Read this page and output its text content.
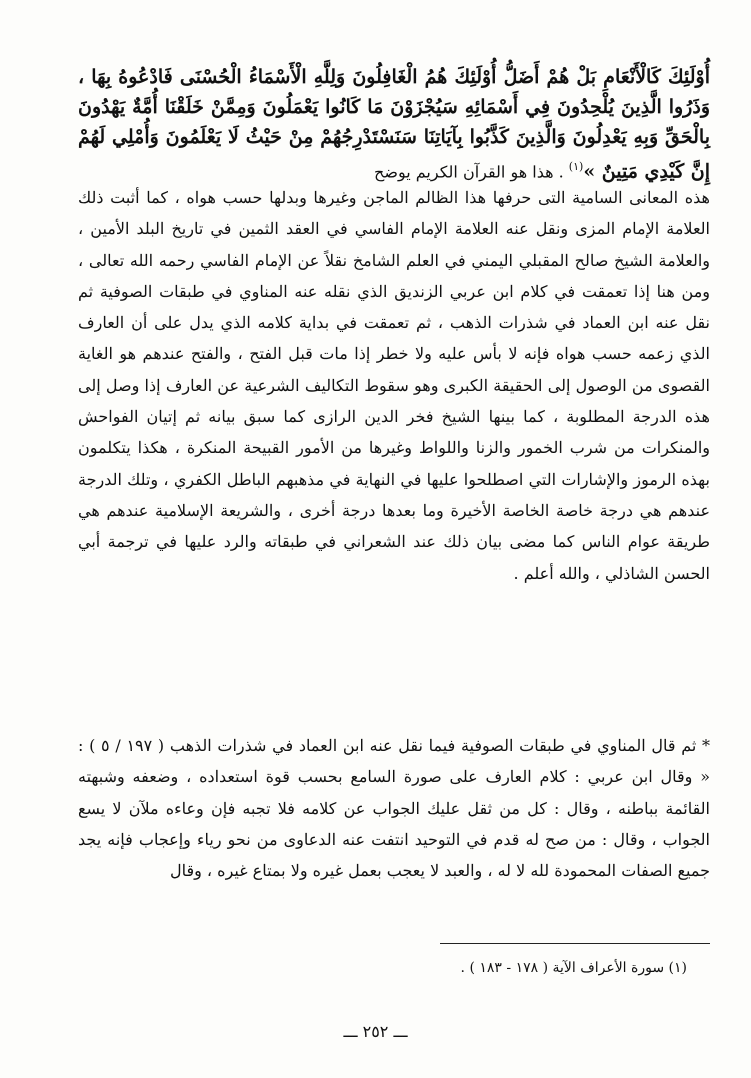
أُوْلَئِكَ كَالْأَنْعَامِ بَلْ هُمْ أَضَلُّ أُوْلَئِكَ هُمُ الْغَافِلُونَ وَلِلَّهِ الْأَسْمَاءُ الْحُسْنَى فَادْعُوهُ بِهَا ، وَذَرُوا الَّذِينَ يُلْحِدُونَ فِي أَسْمَائِهِ سَيُجْزَوْنَ مَا كَانُوا يَعْمَلُونَ وَمِمَّنْ خَلَقْنَا أُمَّةٌ يَهْدُونَ بِالْحَقِّ وَبِهِ يَعْدِلُونَ وَالَّذِينَ كَذَّبُوا بِآيَاتِنَا سَنَسْتَدْرِجُهُمْ مِنْ حَيْثُ لَا يَعْلَمُونَ وَأُمْلِي لَهُمْ إِنَّ كَيْدِي مَتِينٌ »$^{(١)}$ . هذا هو القرآن الكريم يوضح

هذه المعانى السامية التى حرفها هذا الظالم الماجن وغيرها وبدلها حسب هواه ، كما أثبت ذلك العلامة الإمام المزى ونقل عنه العلامة الإمام الفاسي في العقد الثمين في تاريخ البلد الأمين ، والعلامة الشيخ صالح المقبلي اليمني في العلم الشامخ نقلاً عن الإمام الفاسي رحمه الله تعالى ، ومن هنا إذا تعمقت في كلام ابن عربي الزنديق الذي نقله عنه المناوي في طبقات الصوفية ثم نقل عنه ابن العماد في شذرات الذهب ، ثم تعمقت في بداية كلامه الذي يدل على أن العارف الذي زعمه حسب هواه فإنه لا بأس عليه ولا خطر إذا مات قبل الفتح ، والفتح عندهم هو الغاية القصوى من الوصول إلى الحقيقة الكبرى وهو سقوط التكاليف الشرعية عن العارف إذا وصل إلى هذه الدرجة المطلوبة ، كما بينها الشيخ فخر الدين الرازى كما سبق بيانه ثم إتيان الفواحش والمنكرات من شرب الخمور والزنا واللواط وغيرها من الأمور القبيحة المنكرة ، هكذا يتكلمون بهذه الرموز والإشارات التي اصطلحوا عليها في النهاية في مذهبهم الباطل الكفري ، وتلك الدرجة عندهم هي درجة خاصة الخاصة الأخيرة وما بعدها درجة أخرى ، والشريعة الإسلامية عندهم هي طريقة عوام الناس كما مضى بيان ذلك عند الشعراني في طبقاته والرد عليها في ترجمة أبي الحسن الشاذلي ، والله أعلم .

* ثم قال المناوي في طبقات الصوفية فيما نقل عنه ابن العماد في شذرات الذهب ( ١٩٧ / ٥ ) : « وقال ابن عربي : كلام العارف على صورة السامع بحسب قوة استعداده ، وضعفه وشبهته القائمة بباطنه ، وقال : كل من ثقل عليك الجواب عن كلامه فلا تجبه فإن وعاءه ملآن لا يسع الجواب ، وقال : من صح له قدم في التوحيد انتفت عنه الدعاوى من نحو رياء وإعجاب فإنه يجد جميع الصفات المحمودة لله لا له ، والعبد لا يعجب بعمل غيره ولا بمتاع غيره ، وقال

(١) سورة الأعراف الآية ( ١٧٨ - ١٨٣ ) .

ـــ ٢٥٢ ـــ
